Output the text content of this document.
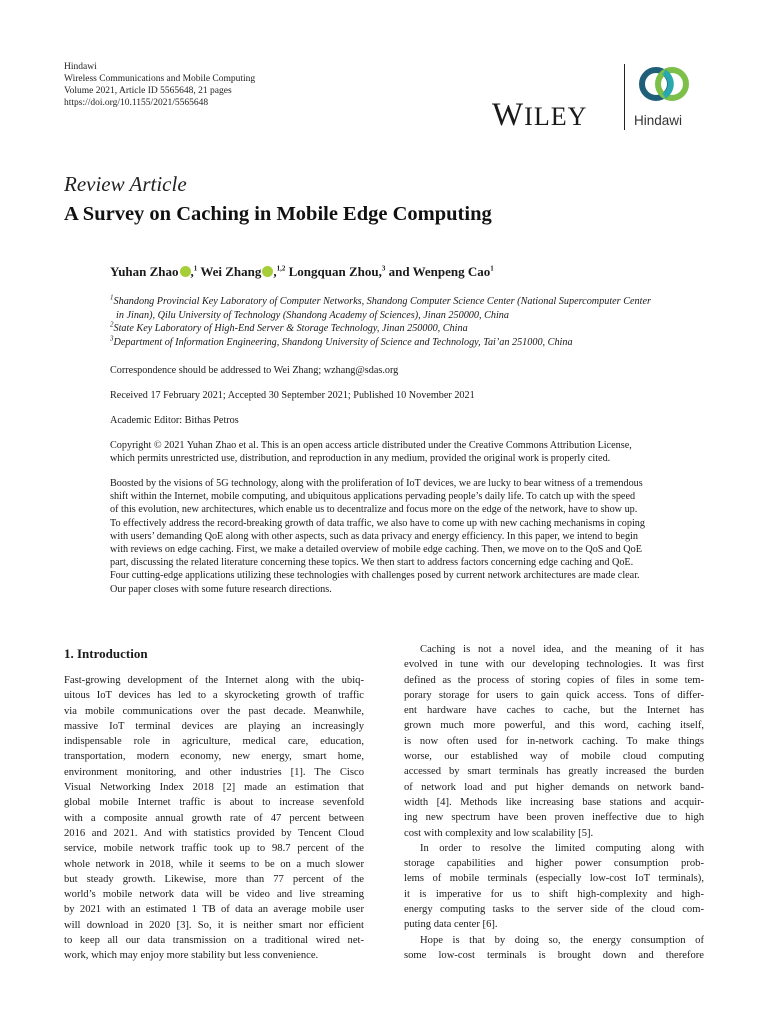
Hindawi
Wireless Communications and Mobile Computing
Volume 2021, Article ID 5565648, 21 pages
https://doi.org/10.1155/2021/5565648	WILEY	Hindawi
Review Article
A Survey on Caching in Mobile Edge Computing
Yuhan Zhao ,$^1$ Wei Zhang ,$^{1,2}$ Longquan Zhou,$^3$ and Wenpeng Cao$^1$
$^1$Shandong Provincial Key Laboratory of Computer Networks, Shandong Computer Science Center (National Supercomputer Center
in Jinan), Qilu University of Technology (Shandong Academy of Sciences), Jinan 250000, China
$^2$State Key Laboratory of High-End Server & Storage Technology, Jinan 250000, China
$^3$Department of Information Engineering, Shandong University of Science and Technology, Tai’an 251000, China
Correspondence should be addressed to Wei Zhang; wzhang@sdas.org
Received 17 February 2021; Accepted 30 September 2021; Published 10 November 2021
Academic Editor: Bithas Petros
Copyright © 2021 Yuhan Zhao et al. This is an open access article distributed under the Creative Commons Attribution License,
which permits unrestricted use, distribution, and reproduction in any medium, provided the original work is properly cited.
Boosted by the visions of 5G technology, along with the proliferation of IoT devices, we are lucky to bear witness of a tremendous
shift within the Internet, mobile computing, and ubiquitous applications pervading people’s daily life. To catch up with the speed
of this evolution, new architectures, which enable us to decentralize and focus more on the edge of the network, have to show up.
To effectively address the record-breaking growth of data traffic, we also have to come up with new caching mechanisms in coping
with users’ demanding QoE along with other aspects, such as data privacy and energy efficiency. In this paper, we intend to begin
with reviews on edge caching. First, we make a detailed overview of mobile edge caching. Then, we move on to the QoS and QoE
part, discussing the related literature concerning these topics. We then start to address factors concerning edge caching and QoE.
Four cutting-edge applications utilizing these technologies with challenges posed by current network architectures are made clear.
Our paper closes with some future research directions.
1. Introduction
Fast-growing development of the Internet along with the ubiq-
uitous IoT devices has led to a skyrocketing growth of traffic
via mobile communications over the past decade. Meanwhile,
massive IoT terminal devices are playing an increasingly
indispensable role in agriculture, medical care, education,
transportation, modern economy, new energy, smart home,
environment monitoring, and other industries [1]. The Cisco
Visual Networking Index 2018 [2] made an estimation that
global mobile Internet traffic is about to increase sevenfold
with a composite annual growth rate of 47 percent between
2016 and 2021. And with statistics provided by Tencent Cloud
service, mobile network traffic took up to 98.7 percent of the
whole network in 2018, while it seems to be on a much slower
but steady growth. Likewise, more than 77 percent of the
world’s mobile network data will be video and live streaming
by 2021 with an estimated 1 TB of data an average mobile user
will download in 2020 [3]. So, it is neither smart nor efficient
to keep all our data transmission on a traditional wired net-
work, which may enjoy more stability but less convenience.
Caching is not a novel idea, and the meaning of it has
evolved in tune with our developing technologies. It was first
defined as the process of storing copies of files in some tem-
porary storage for users to gain quick access. Tons of differ-
ent hardware have caches to cache, but the Internet has
grown much more powerful, and this word, caching itself,
is now often used for in-network caching. To make things
worse, our established way of mobile cloud computing
accessed by smart terminals has greatly increased the burden
of network load and put higher demands on network band-
width [4]. Methods like increasing base stations and acquir-
ing new spectrum have been proven ineffective due to high
cost with complexity and low scalability [5].
In order to resolve the limited computing along with
storage capabilities and higher power consumption prob-
lems of mobile terminals (especially low-cost IoT terminals),
it is imperative for us to shift high-complexity and high-
energy computing tasks to the server side of the cloud com-
puting data center [6].
Hope is that by doing so, the energy consumption of
some low-cost terminals is brought down and therefore
